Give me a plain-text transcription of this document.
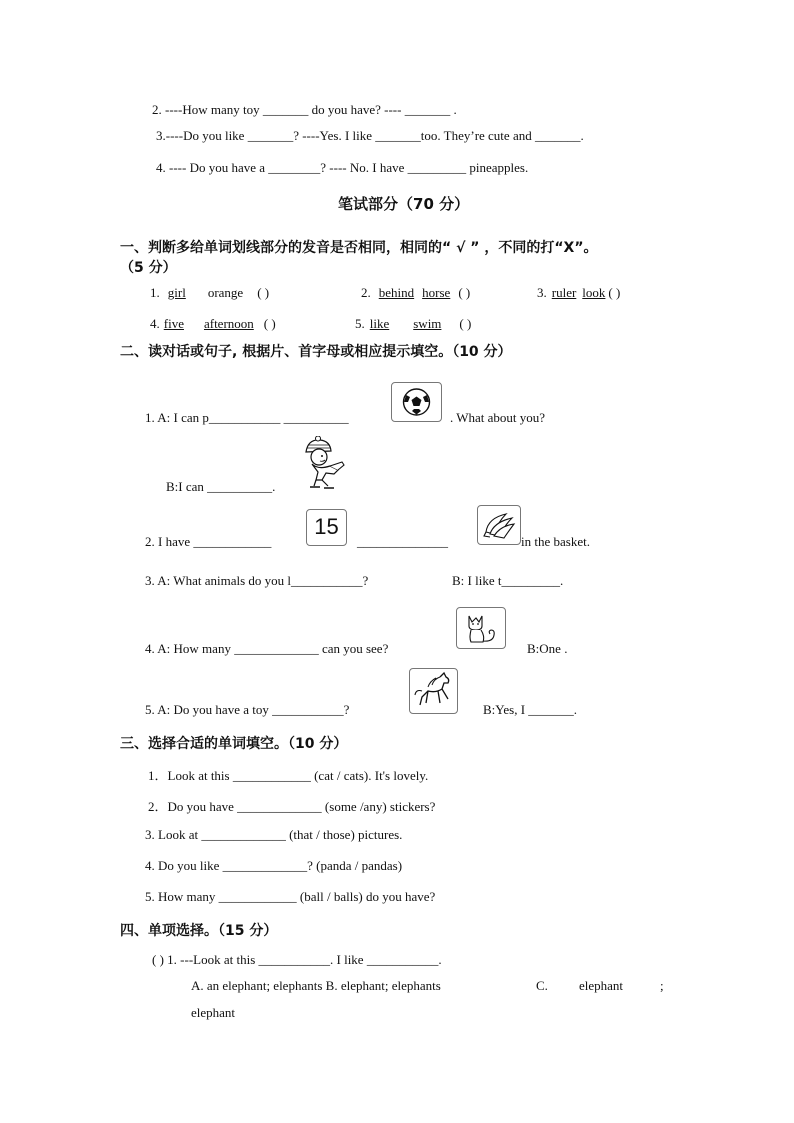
2. ----How many toy _______ do you have? ---- _______ .
3.----Do you like _______? ----Yes. I like _______too. They’re cute and _______.
4. ---- Do you have a ________? ---- No. I have _________ pineapples.
笔试部分（70 分）
一、判断多给单词划线部分的发音是否相同，相同的“ √ ” ，不同的打“X”。
（5 分）
1. girl orange ( )	2. behind horse ( )	3. ruler look ( )
4. five afternoon ( )	5. like swim ( )
二、读对话或句子, 根据片、首字母或相应提示填空。（10 分）
1. A: I can p___________ __________	. What about you?
B:I can __________.
2. I have ____________
15
______________	in the basket.
3. A: What animals do you l___________?	B: I like t_________.
4. A: How many _____________ can you see?	B:One .
5. A: Do you have a toy ___________?	B:Yes, I _______.
三、选择合适的单词填空。（10 分）
1．Look at this ____________ (cat / cats). It's lovely.
2．Do you have _____________ (some /any) stickers?
3. Look at _____________ (that / those) pictures.
4. Do you like _____________? (panda / pandas)
5. How many ____________ (ball / balls) do you have?
四、单项选择。（15 分）
( ) 1. ---Look at this ___________. I like ___________.
A. an elephant; elephants B. elephant; elephants	C. elephant	;
elephant
